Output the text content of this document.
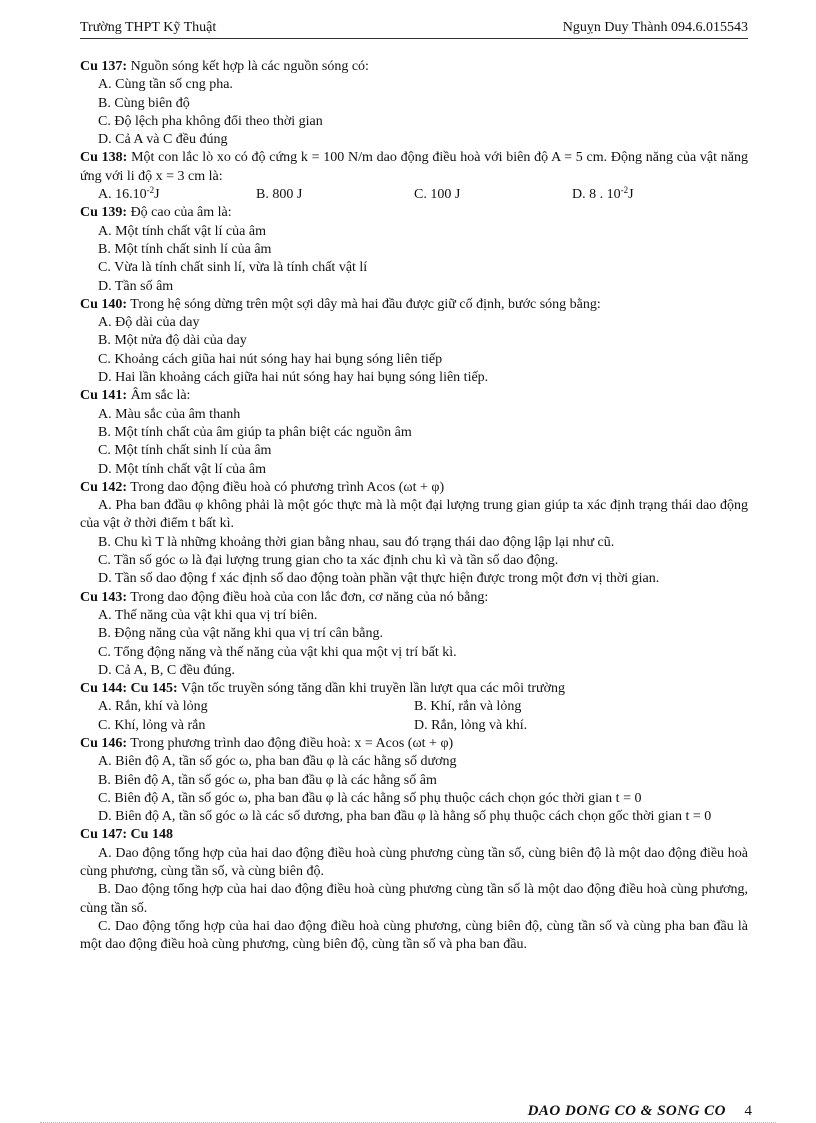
Trường THPT Kỹ Thuật	Nguỵn Duy Thành 094.6.015543
Cu 137: Nguồn sóng kết hợp là các nguồn sóng có:
A. Cùng tần số cng pha.
B. Cùng biên độ
C. Độ lệch pha không đổi theo thời gian
D. Cả A và C đều đúng
Cu 138: Một con lắc lò xo có độ cứng k = 100 N/m dao động điều hoà với biên độ A = 5 cm. Động năng của vật năng ứng với li độ x = 3 cm là:
A. $16.10^{-2}J$	B. 800 J	C. 100 J	D. 8 . $10^{-2}J$
Cu 139: Độ cao của âm là:
A. Một tính chất vật lí của âm
B. Một tính chất sinh lí của âm
C. Vừa là tính chất sinh lí, vừa là tính chất vật lí
D. Tần số âm
Cu 140: Trong hệ sóng dừng trên một sợi dây mà hai đầu được giữ cố định, bước sóng bằng:
A. Độ dài của day
B. Một nửa độ dài của day
C. Khoảng cách giũa hai nút sóng hay hai bụng sóng liên tiếp
D. Hai lần khoảng cách giữa hai nút sóng hay hai bụng sóng liên tiếp.
Cu 141: Âm sắc là:
A. Màu sắc của âm thanh
B. Một tính chất của âm giúp ta phân biệt các nguồn âm
C. Một tính chất sinh lí của âm
D. Một tính chất vật lí của âm
Cu 142: Trong dao động điều hoà có phương trình Acos (ωt + φ)
A. Pha ban đđầu φ không phải là một góc thực mà là một đại lượng trung gian giúp ta xác định trạng thái dao động của vật ở thời điểm t bất kì.
B. Chu kì T là những khoảng thời gian bằng nhau, sau đó trạng thái dao động lập lại như cũ.
C. Tần số góc ω là đại lượng trung gian cho ta xác định chu kì và tần số dao động.
D. Tần số dao động f xác định số dao động toàn phần vật thực hiện được trong một đơn vị thời gian.
Cu 143: Trong dao động điều hoà của con lắc đơn, cơ năng của nó bằng:
A. Thế năng của vật khi qua vị trí biên.
B. Động năng của vật năng khi qua vị trí cân bằng.
C. Tổng động năng và thế năng của vật khi qua một vị trí bất kì.
D. Cả A, B, C đều đúng.
Cu 144: Cu 145: Vận tốc truyền sóng tăng dần khi truyền lần lượt qua các môi trường
A. Rắn, khí và lỏng	B. Khí, rắn và lỏng
C. Khí, lỏng và rắn	D. Rắn, lỏng và khí.
Cu 146: Trong phương trình dao động điều hoà: x = Acos (ωt + φ)
A. Biên độ A, tần số góc ω, pha ban đầu φ là các hằng số dương
B. Biên độ A, tần số góc ω, pha ban đầu φ là các hằng số âm
C. Biên độ A, tần số góc ω, pha ban đầu φ là các hằng số phụ thuộc cách chọn góc thời gian t = 0
D. Biên độ A, tần số góc ω là các số dương, pha ban đầu φ là hằng số phụ thuộc cách chọn gốc thời gian t = 0
Cu 147: Cu 148
A. Dao động tổng hợp của hai dao động điều hoà cùng phương cùng tần số, cùng biên độ là một dao động điều hoà cùng phương, cùng tần số, và cùng biên độ.
B. Dao động tổng hợp của hai dao động điều hoà cùng phương cùng tần số là một dao động điều hoà cùng phương, cùng tần số.
C. Dao động tổng hợp của hai dao động điều hoà cùng phương, cùng biên độ, cùng tần số và cùng pha ban đầu là một dao động điều hoà cùng phương, cùng biên độ, cùng tần số và pha ban đầu.
DAO DONG CO & SONG CO 4
